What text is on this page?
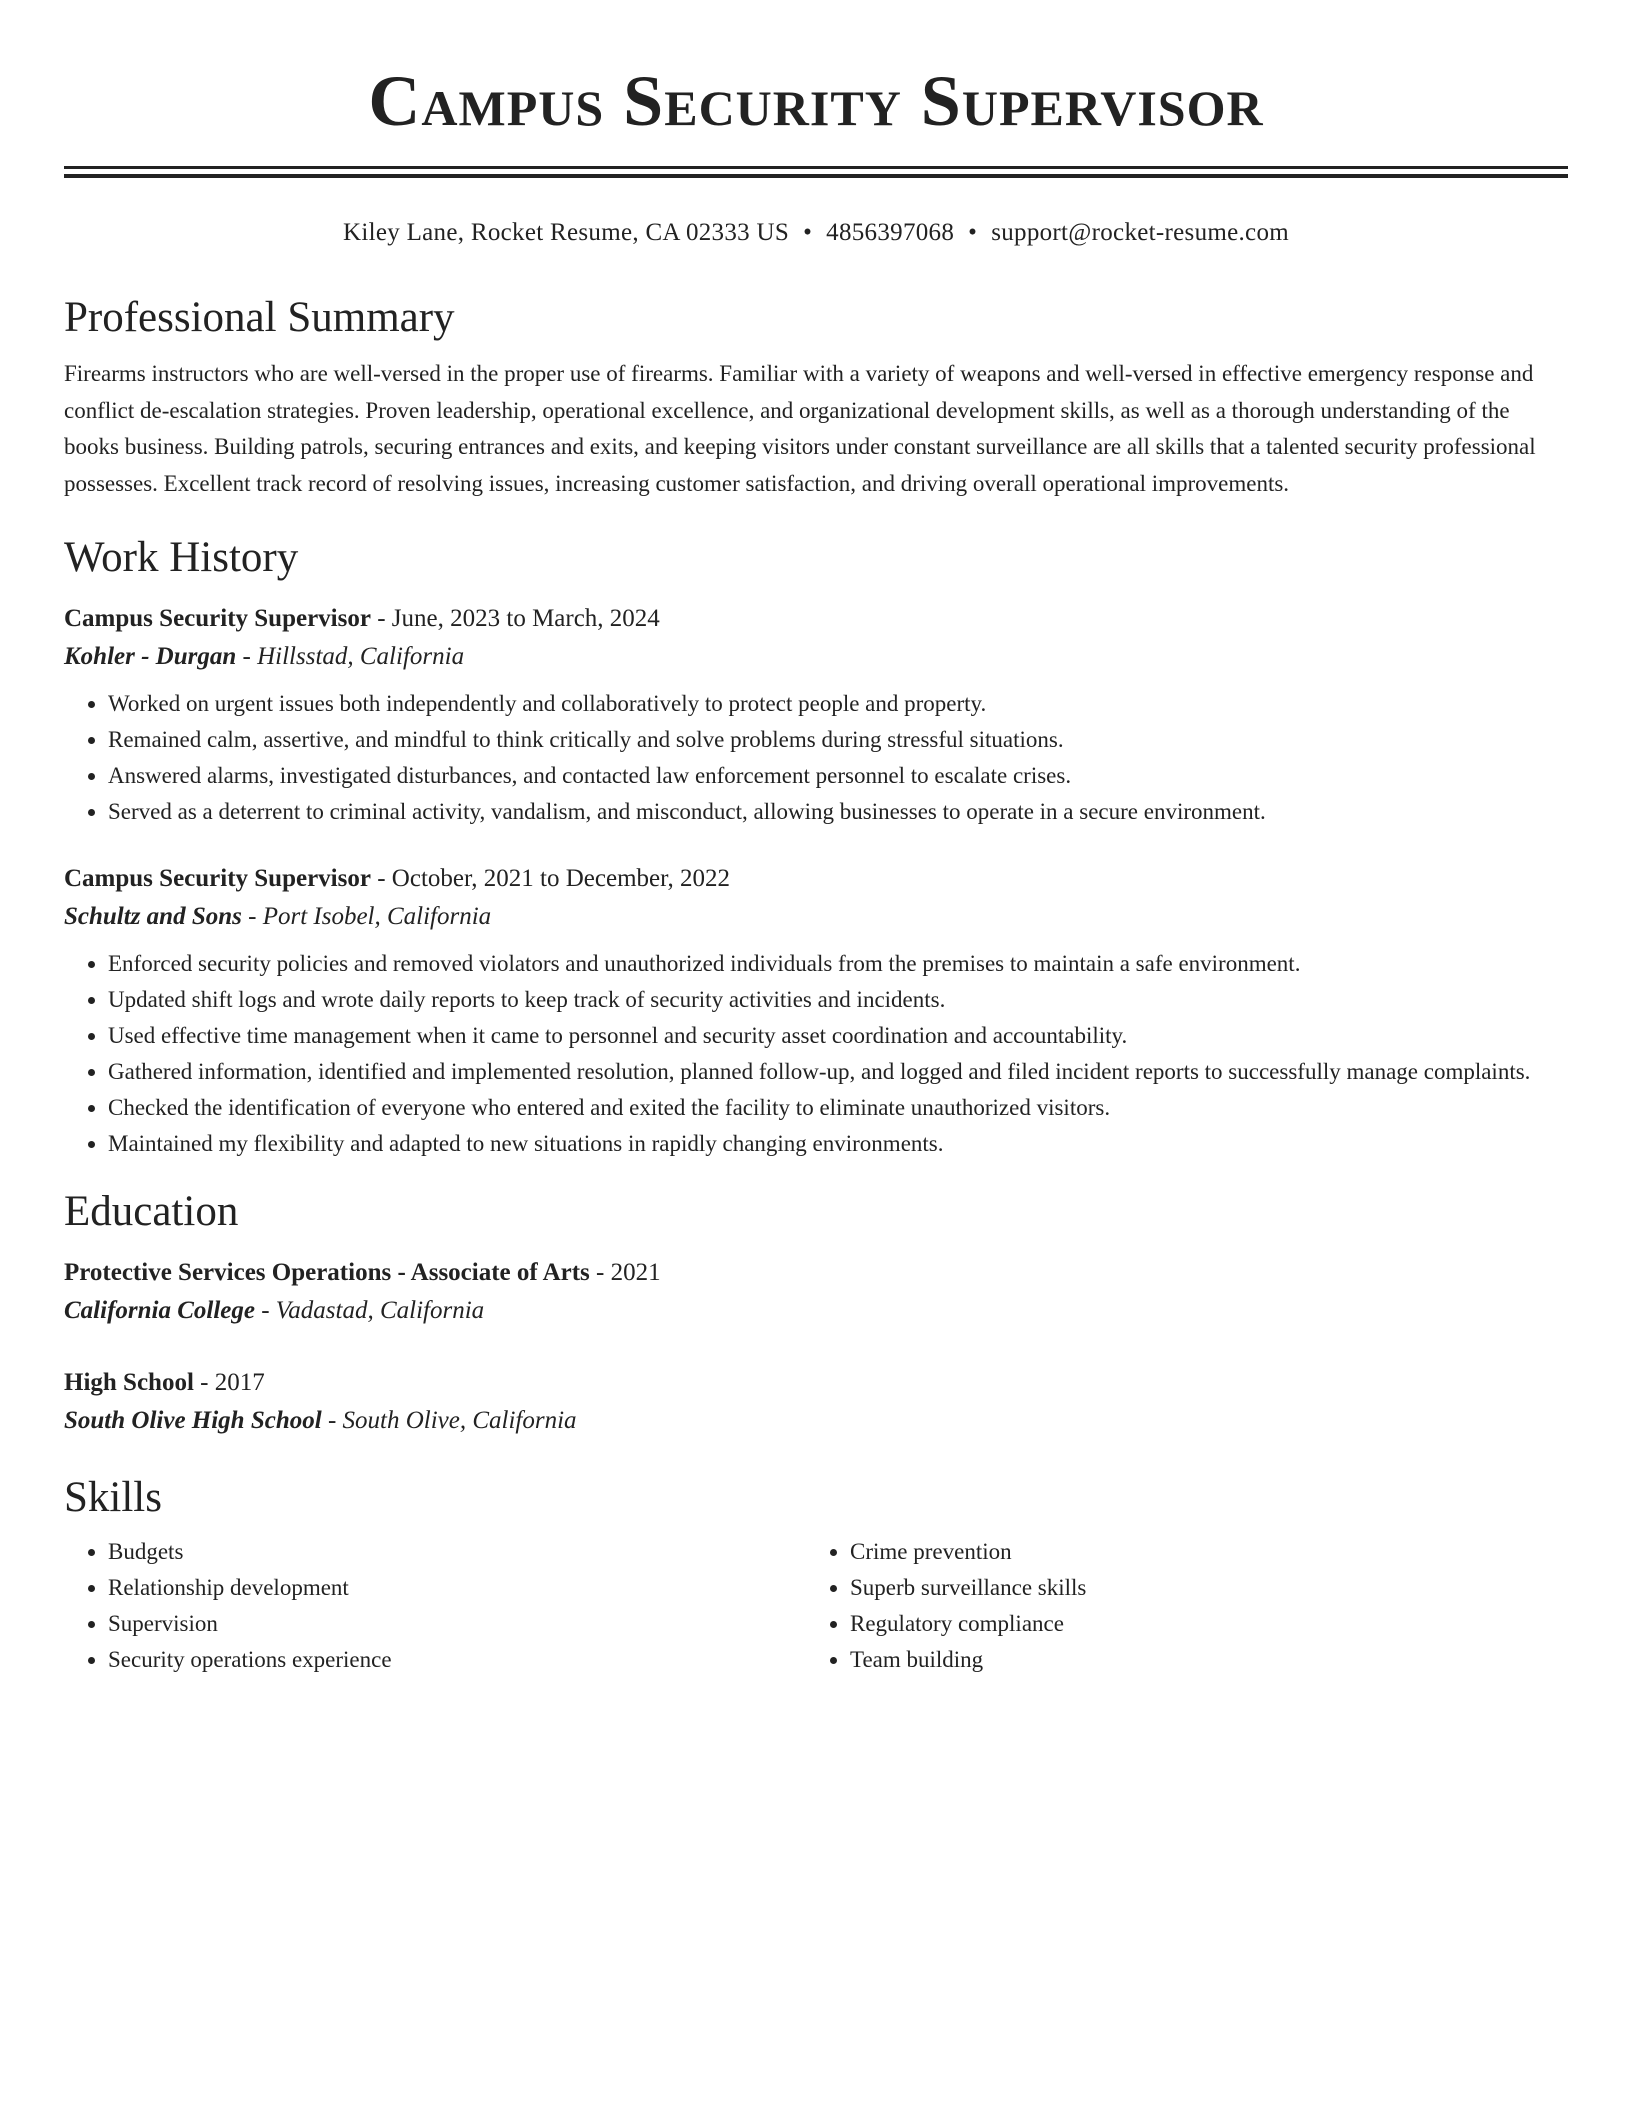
Campus Security Supervisor
Kiley Lane, Rocket Resume, CA 02333 US • 4856397068 • support@rocket-resume.com
Professional Summary
Firearms instructors who are well-versed in the proper use of firearms. Familiar with a variety of weapons and well-versed in effective emergency response and conflict de-escalation strategies. Proven leadership, operational excellence, and organizational development skills, as well as a thorough understanding of the books business. Building patrols, securing entrances and exits, and keeping visitors under constant surveillance are all skills that a talented security professional possesses. Excellent track record of resolving issues, increasing customer satisfaction, and driving overall operational improvements.
Work History
Campus Security Supervisor - June, 2023 to March, 2024
Kohler - Durgan - Hillsstad, California
• Worked on urgent issues both independently and collaboratively to protect people and property.
• Remained calm, assertive, and mindful to think critically and solve problems during stressful situations.
• Answered alarms, investigated disturbances, and contacted law enforcement personnel to escalate crises.
• Served as a deterrent to criminal activity, vandalism, and misconduct, allowing businesses to operate in a secure environment.
Campus Security Supervisor - October, 2021 to December, 2022
Schultz and Sons - Port Isobel, California
• Enforced security policies and removed violators and unauthorized individuals from the premises to maintain a safe environment.
• Updated shift logs and wrote daily reports to keep track of security activities and incidents.
• Used effective time management when it came to personnel and security asset coordination and accountability.
• Gathered information, identified and implemented resolution, planned follow-up, and logged and filed incident reports to successfully manage complaints.
• Checked the identification of everyone who entered and exited the facility to eliminate unauthorized visitors.
• Maintained my flexibility and adapted to new situations in rapidly changing environments.
Education
Protective Services Operations - Associate of Arts - 2021
California College - Vadastad, California
High School - 2017
South Olive High School - South Olive, California
Skills
• Budgets
• Relationship development
• Supervision
• Security operations experience
• Crime prevention
• Superb surveillance skills
• Regulatory compliance
• Team building
